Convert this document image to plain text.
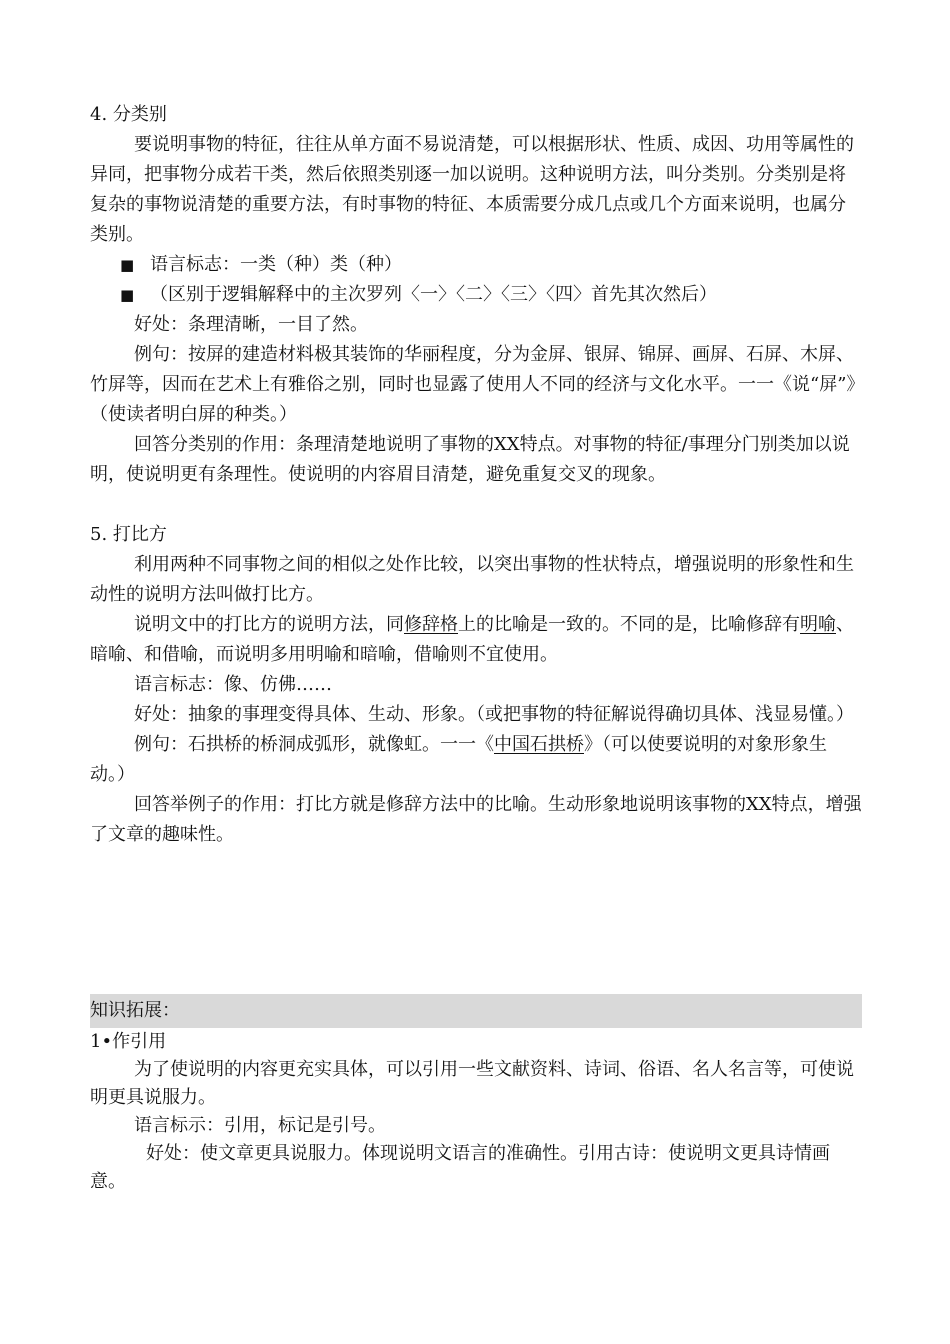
4. 分类别

要说明事物的特征，往往从单方面不易说清楚，可以根据形状、性质、成因、功用等属性的异同，把事物分成若干类，然后依照类别逐一加以说明。这种说明方法，叫分类别。分类别是将复杂的事物说清楚的重要方法，有时事物的特征、本质需要分成几点或几个方面来说明，也属分类别。

■ 语言标志：一类（种）类（种）

■ （区别于逻辑解释中的主次罗列〈一〉〈二〉〈三〉〈四〉首先其次然后）

好处：条理清晰，一目了然。

例句：按屏的建造材料极其装饰的华丽程度，分为金屏、银屏、锦屏、画屏、石屏、木屏、竹屏等，因而在艺术上有雅俗之别，同时也显露了使用人不同的经济与文化水平。一一《说“屏”》（使读者明白屏的种类。）

回答分类别的作用：条理清楚地说明了事物的XX特点。对事物的特征/事理分门别类加以说明，使说明更有条理性。使说明的内容眉目清楚，避免重复交叉的现象。

5. 打比方

利用两种不同事物之间的相似之处作比较，以突出事物的性状特点，增强说明的形象性和生动性的说明方法叫做打比方。

说明文中的打比方的说明方法，同修辞格上的比喻是一致的。不同的是，比喻修辞有明喻、暗喻、和借喻，而说明多用明喻和暗喻，借喻则不宜使用。

语言标志：像、仿佛……

好处：抽象的事理变得具体、生动、形象。（或把事物的特征解说得确切具体、浅显易懂。）

例句：石拱桥的桥洞成弧形，就像虹。一一《中国石拱桥》（可以使要说明的对象形象生动。）

回答举例子的作用：打比方就是修辞方法中的比喻。生动形象地说明该事物的XX特点，增强了文章的趣味性。

知识拓展：

1•作引用

为了使说明的内容更充实具体，可以引用一些文献资料、诗词、俗语、名人名言等，可使说明更具说服力。

语言标示：引用，标记是引号。

好处：使文章更具说服力。体现说明文语言的准确性。引用古诗：使说明文更具诗情画意。
